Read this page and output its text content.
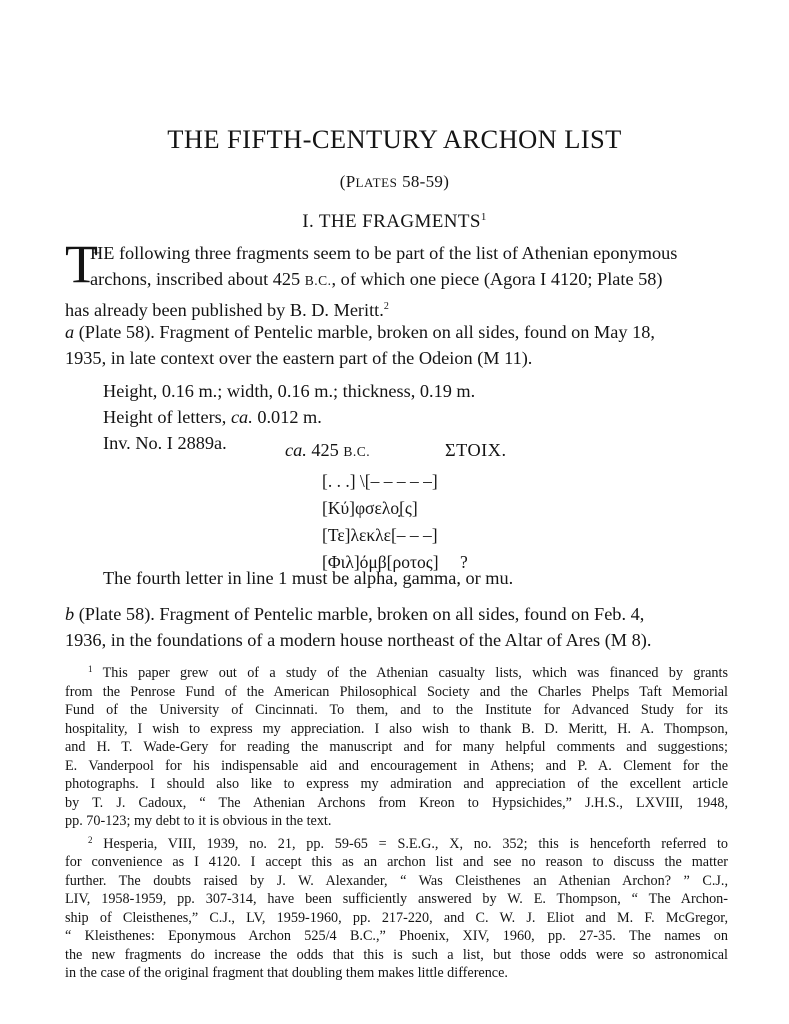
THE FIFTH-CENTURY ARCHON LIST
(PLATES 58-59)
I. THE FRAGMENTS$^1$
T
HE following three fragments seem to be part of the list of Athenian eponymous
archons, inscribed about 425 B.C., of which one piece (Agora I 4120; Plate 58)
has already been published by B. D. Meritt.$^2$
a (Plate 58). Fragment of Pentelic marble, broken on all sides, found on May 18,
1935, in late context over the eastern part of the Odeion (M 11).
Height, 0.16 m.; width, 0.16 m.; thickness, 0.19 m.
Height of letters, ca. 0.012 m.
Inv. No. I 2889a.	ca. 425 B.C.	ΣΤΟΙΧ.
[. . .] \[– – – – –]
[Κύ]φσελο̣[ς]
[Τε]λεκλε[– – –]
[Φιλ]όμβ[ροτος] ?
The fourth letter in line 1 must be alpha, gamma, or mu.
b (Plate 58). Fragment of Pentelic marble, broken on all sides, found on Feb. 4,
1936, in the foundations of a modern house northeast of the Altar of Ares (M 8).
$^1$ This paper grew out of a study of the Athenian casualty lists, which was financed by grants
from the Penrose Fund of the American Philosophical Society and the Charles Phelps Taft Memorial
Fund of the University of Cincinnati. To them, and to the Institute for Advanced Study for its
hospitality, I wish to express my appreciation. I also wish to thank B. D. Meritt, H. A. Thompson,
and H. T. Wade-Gery for reading the manuscript and for many helpful comments and suggestions;
E. Vanderpool for his indispensable aid and encouragement in Athens; and P. A. Clement for the
photographs. I should also like to express my admiration and appreciation of the excellent article
by T. J. Cadoux, “ The Athenian Archons from Kreon to Hypsichides,” J.H.S., LXVIII, 1948,
pp. 70-123; my debt to it is obvious in the text.
$^2$ Hesperia, VIII, 1939, no. 21, pp. 59-65 = S.E.G., X, no. 352; this is henceforth referred to
for convenience as I 4120. I accept this as an archon list and see no reason to discuss the matter
further. The doubts raised by J. W. Alexander, “ Was Cleisthenes an Athenian Archon? ” C.J.,
LIV, 1958-1959, pp. 307-314, have been sufficiently answered by W. E. Thompson, “ The Archon-
ship of Cleisthenes,” C.J., LV, 1959-1960, pp. 217-220, and C. W. J. Eliot and M. F. McGregor,
“ Kleisthenes: Eponymous Archon 525/4 B.C.,” Phoenix, XIV, 1960, pp. 27-35. The names on
the new fragments do increase the odds that this is such a list, but those odds were so astronomical
in the case of the original fragment that doubling them makes little difference.
